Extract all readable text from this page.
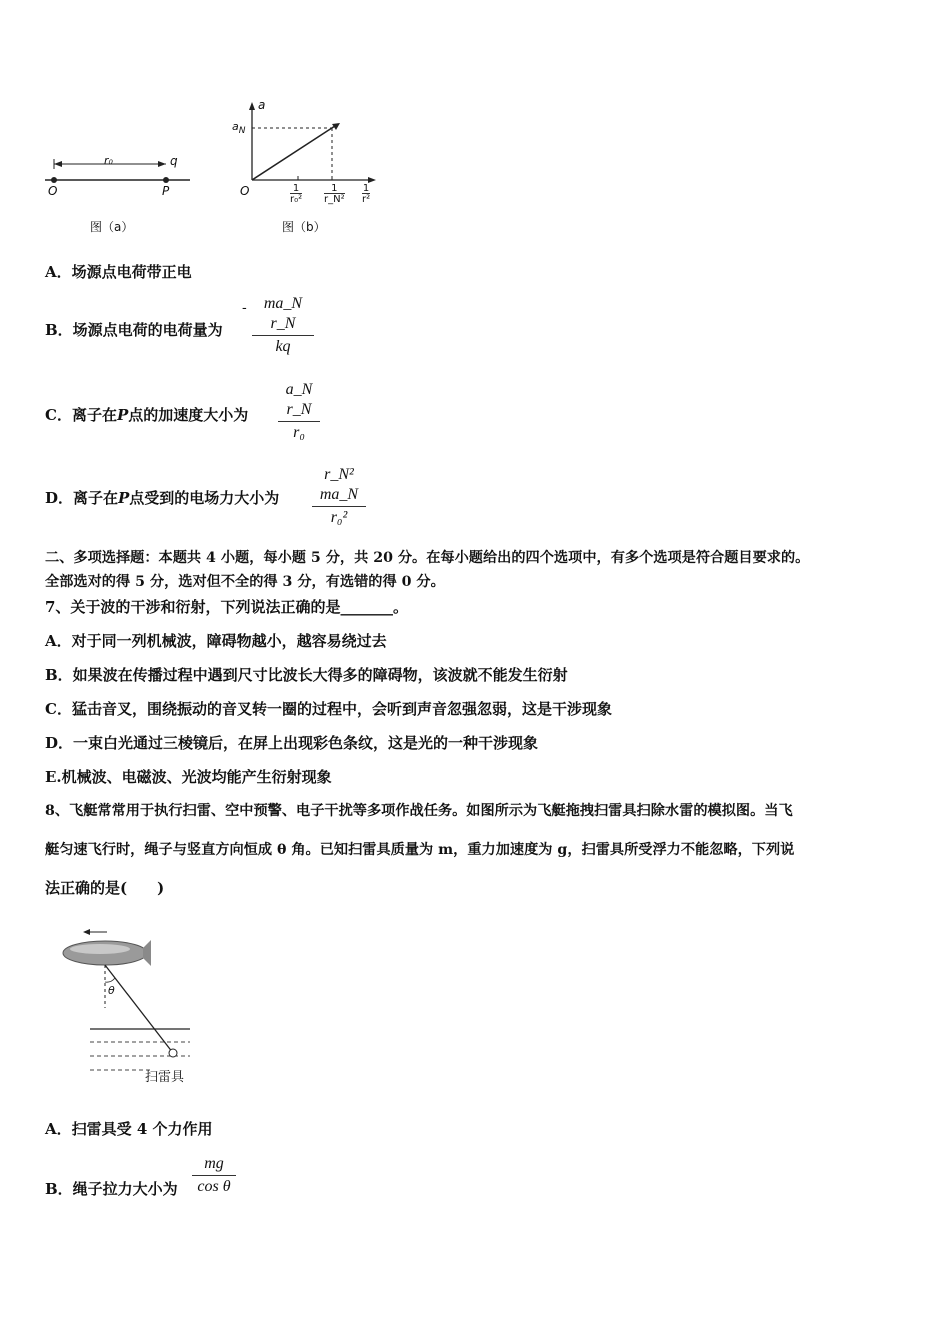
r₀	q
O	P
图（a）
a
$a_N$
O	1
r₀²
1
r_N²
1
r²
图（b）
A．场源点电荷带正电
B．场源点电荷的电荷量为
-	ma_N r_N
kq
C．离子在P点的加速度大小为
a_N r_N
r₀
D．离子在P点受到的电场力大小为
r_N² ma_N
r₀²
二、多项选择题：本题共 4 小题，每小题 5 分，共 20 分。在每小题给出的四个选项中，有多个选项是符合题目要求的。
全部选对的得 5 分，选对但不全的得 3 分，有选错的得 0 分。
7、关于波的干涉和衍射，下列说法正确的是_______。
A．对于同一列机械波，障碍物越小，越容易绕过去
B．如果波在传播过程中遇到尺寸比波长大得多的障碍物，该波就不能发生衍射
C．猛击音叉，围绕振动的音叉转一圈的过程中，会听到声音忽强忽弱，这是干涉现象
D．一束白光通过三棱镜后，在屏上出现彩色条纹，这是光的一种干涉现象
E.机械波、电磁波、光波均能产生衍射现象
8、飞艇常常用于执行扫雷、空中预警、电子干扰等多项作战任务。如图所示为飞艇拖拽扫雷具扫除水雷的模拟图。当飞
艇匀速飞行时，绳子与竖直方向恒成 θ 角。已知扫雷具质量为 m，重力加速度为 g，扫雷具所受浮力不能忽略，下列说
法正确的是(　　)
θ
扫雷具
A．扫雷具受 4 个力作用
B．绳子拉力大小为
mg
cos θ
